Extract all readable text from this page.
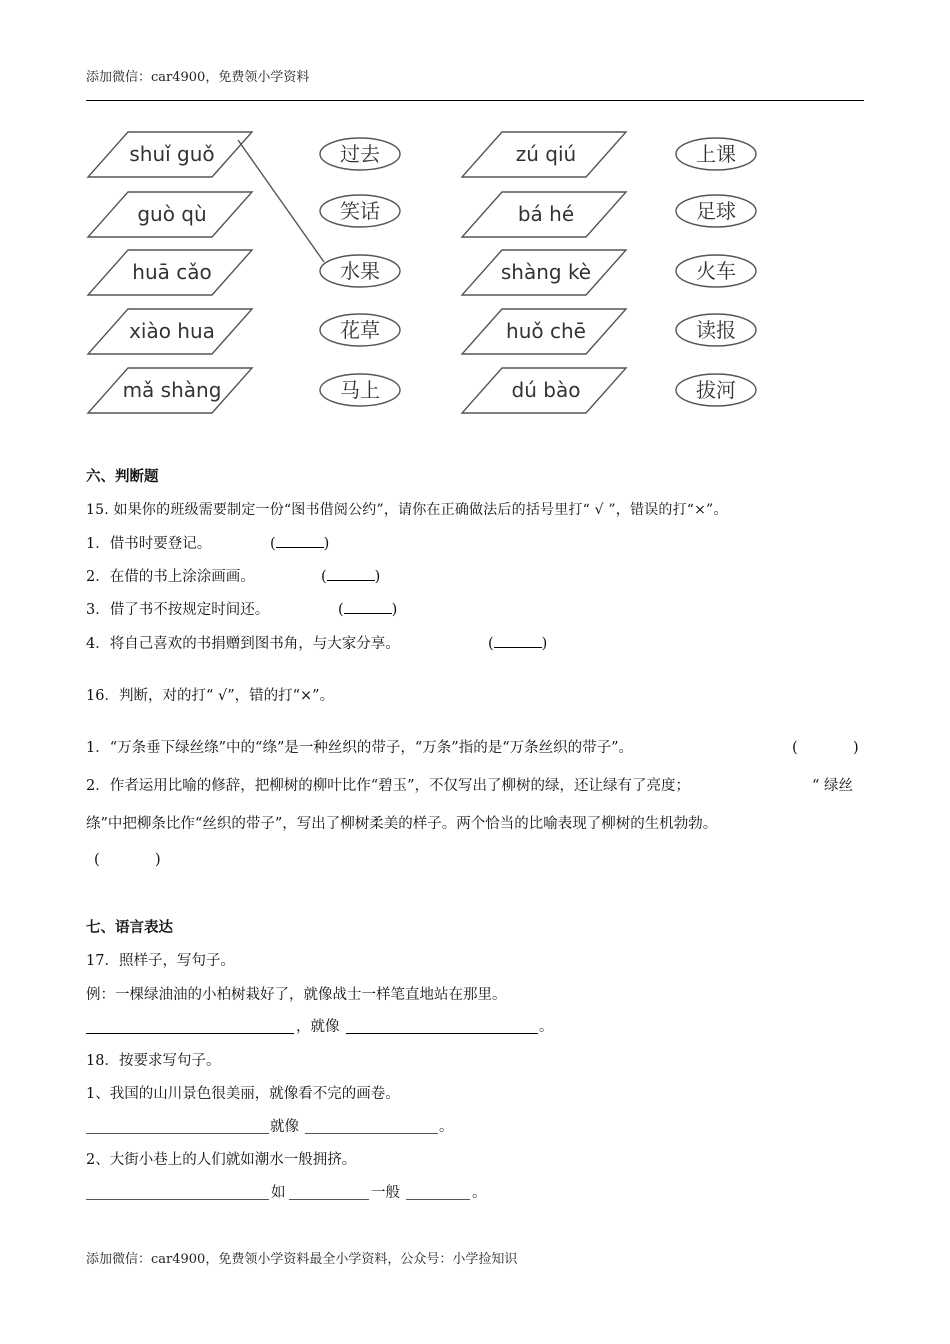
添加微信：car4900，免费领小学资料
shuǐ guǒ
guò qù
huā cǎo
xiào hua
mǎ shàng
zú qiú
bá hé
shàng kè
huǒ chē
dú bào
过去
笑话
水果
花草
马上
上课
足球
火车
读报
拔河
六、判断题
15. 如果你的班级需要制定一份“图书借阅公约”，请你在正确做法后的括号里打“ √ ”，错误的打“×”。
1．借书时要登记。	(	)
2．在借的书上涂涂画画。	(	)
3．借了书不按规定时间还。	(	)
4．将自己喜欢的书捐赠到图书角，与大家分享。	(	)
16．判断，对的打“ √”，错的打“×”。
1．“万条垂下绿丝绦”中的“绦”是一种丝织的带子，“万条”指的是“万条丝织的带子”。	(	)
2．作者运用比喻的修辞，把柳树的柳叶比作“碧玉”，不仅写出了柳树的绿，还让绿有了亮度；	“ 绿丝
绦”中把柳条比作“丝织的带子”，写出了柳树柔美的样子。两个恰当的比喻表现了柳树的生机勃勃。
(	)
七、语言表达
17．照样子，写句子。
例：一棵绿油油的小柏树栽好了，就像战士一样笔直地站在那里。
，就像	。
18．按要求写句子。
1、我国的山川景色很美丽，就像看不完的画卷。
就像	。
2、大街小巷上的人们就如潮水一般拥挤。
如	一般	。
添加微信：car4900，免费领小学资料最全小学资料，公众号：小学捡知识
